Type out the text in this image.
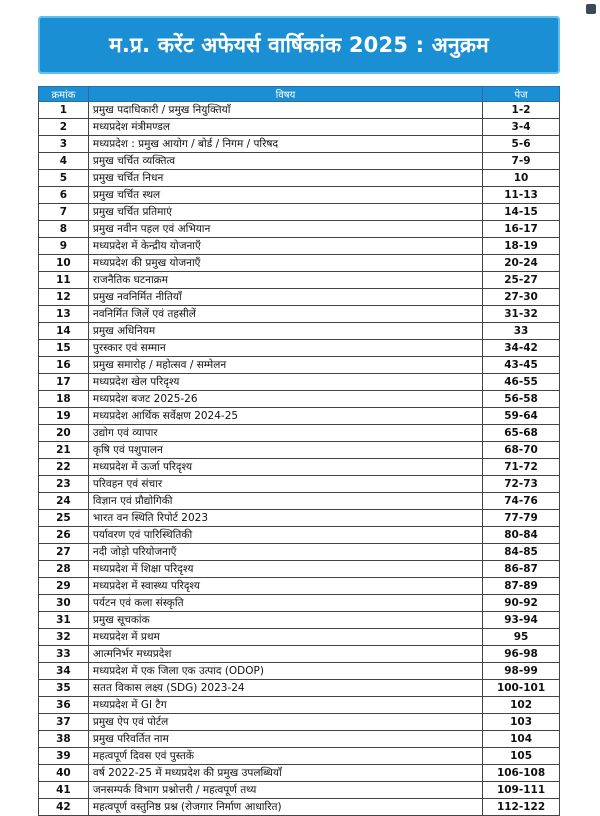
म.प्र. करेंट अफेयर्स वार्षिकांक 2025 : अनुक्रम
क्रमांक	विषय	पेज
1	प्रमुख पदाधिकारी / प्रमुख नियुक्तियाँ	1-2
2	मध्यप्रदेश मंत्रीमण्डल	3-4
3	मध्यप्रदेश : प्रमुख आयोग / बोर्ड / निगम / परिषद	5-6
4	प्रमुख चर्चित व्यक्तित्व	7-9
5	प्रमुख चर्चित निधन	10
6	प्रमुख चर्चित स्थल	11-13
7	प्रमुख चर्चित प्रतिमाएं	14-15
8	प्रमुख नवीन पहल एवं अभियान	16-17
9	मध्यप्रदेश में केन्द्रीय योजनाएँ	18-19
10	मध्यप्रदेश की प्रमुख योजनाएँ	20-24
11	राजनैतिक घटनाक्रम	25-27
12	प्रमुख नवनिर्मित नीतियाँ	27-30
13	नवनिर्मित जिलें एवं तहसीलें	31-32
14	प्रमुख अधिनियम	33
15	पुरस्कार एवं सम्मान	34-42
16	प्रमुख समारोह / महोत्सव / सम्मेलन	43-45
17	मध्यप्रदेश खेल परिदृश्य	46-55
18	मध्यप्रदेश बजट 2025-26	56-58
19	मध्यप्रदेश आर्थिक सर्वेक्षण 2024-25	59-64
20	उद्योग एवं व्यापार	65-68
21	कृषि एवं पशुपालन	68-70
22	मध्यप्रदेश में ऊर्जा परिदृश्य	71-72
23	परिवहन एवं संचार	72-73
24	विज्ञान एवं प्रौद्योगिकी	74-76
25	भारत वन स्थिति रिपोर्ट 2023	77-79
26	पर्यावरण एवं पारिस्थितिकी	80-84
27	नदी जोड़ो परियोजनाएँ	84-85
28	मध्यप्रदेश में शिक्षा परिदृश्य	86-87
29	मध्यप्रदेश में स्वास्थ्य परिदृश्य	87-89
30	पर्यटन एवं कला संस्कृति	90-92
31	प्रमुख सूचकांक	93-94
32	मध्यप्रदेश में प्रथम	95
33	आत्मनिर्भर मध्यप्रदेश	96-98
34	मध्यप्रदेश में एक जिला एक उत्पाद (ODOP)	98-99
35	सतत विकास लक्ष्य (SDG) 2023-24	100-101
36	मध्यप्रदेश में GI टैग	102
37	प्रमुख ऐप एवं पोर्टल	103
38	प्रमुख परिवर्तित नाम	104
39	महत्वपूर्ण दिवस एवं पुस्तकें	105
40	वर्ष 2022-25 में मध्यप्रदेश की प्रमुख उपलब्धियाँ	106-108
41	जनसम्पर्क विभाग प्रश्नोत्तरी / महत्वपूर्ण तथ्य	109-111
42	महत्वपूर्ण वस्तुनिष्ठ प्रश्न (रोजगार निर्माण आधारित)	112-122
